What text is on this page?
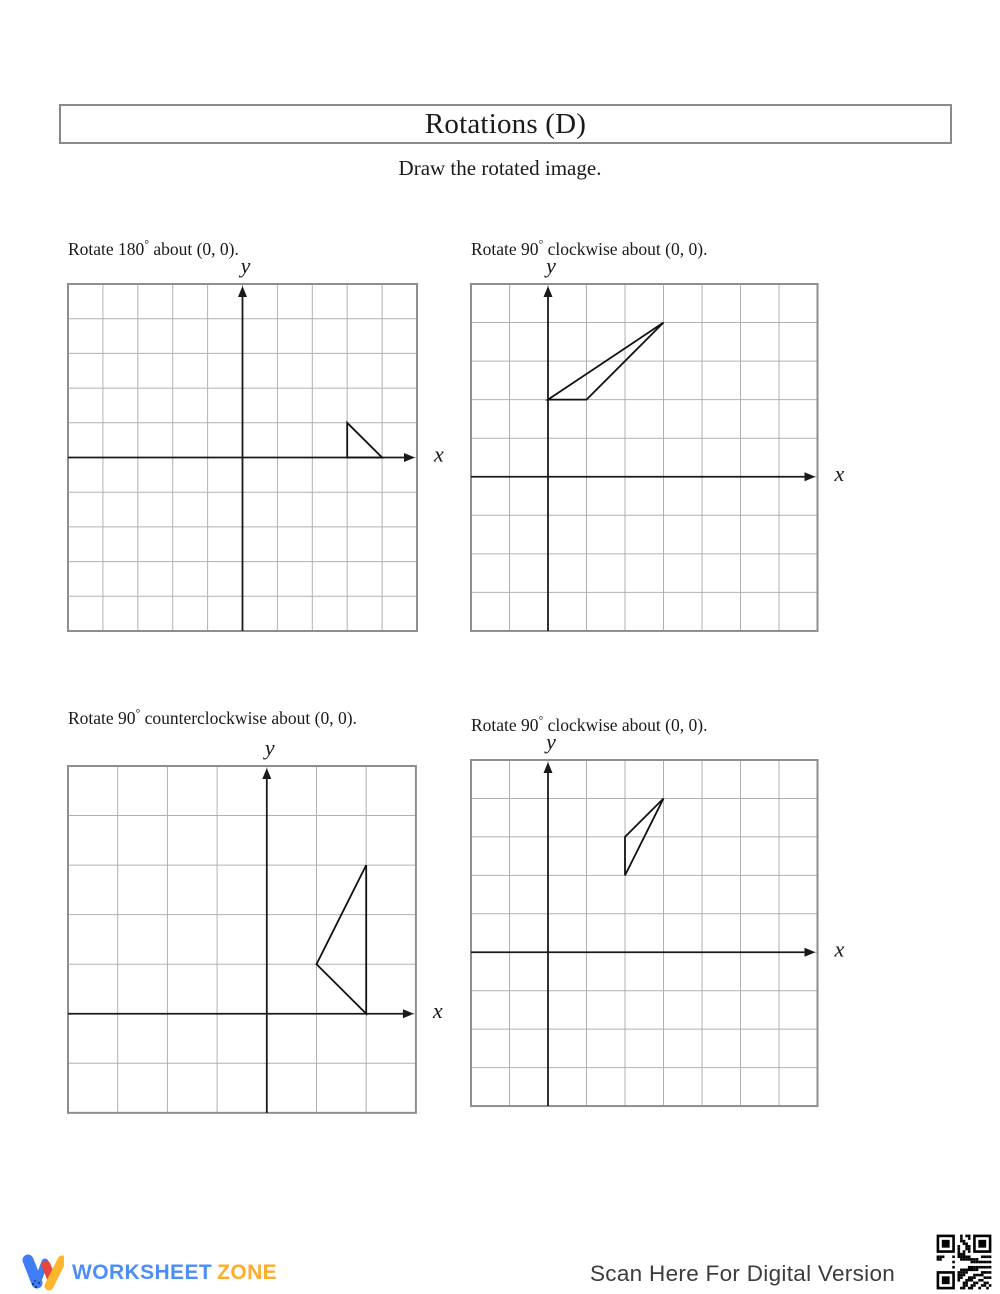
Rotations (D)
Draw the rotated image.

Rotate 180° about (0, 0).	Rotate 90° clockwise about (0, 0).

Rotate 90° counterclockwise about (0, 0).	Rotate 90° clockwise about (0, 0).

y
x
y
x
y
x
y
x
WORKSHEET ZONE	Scan Here For Digital Version
